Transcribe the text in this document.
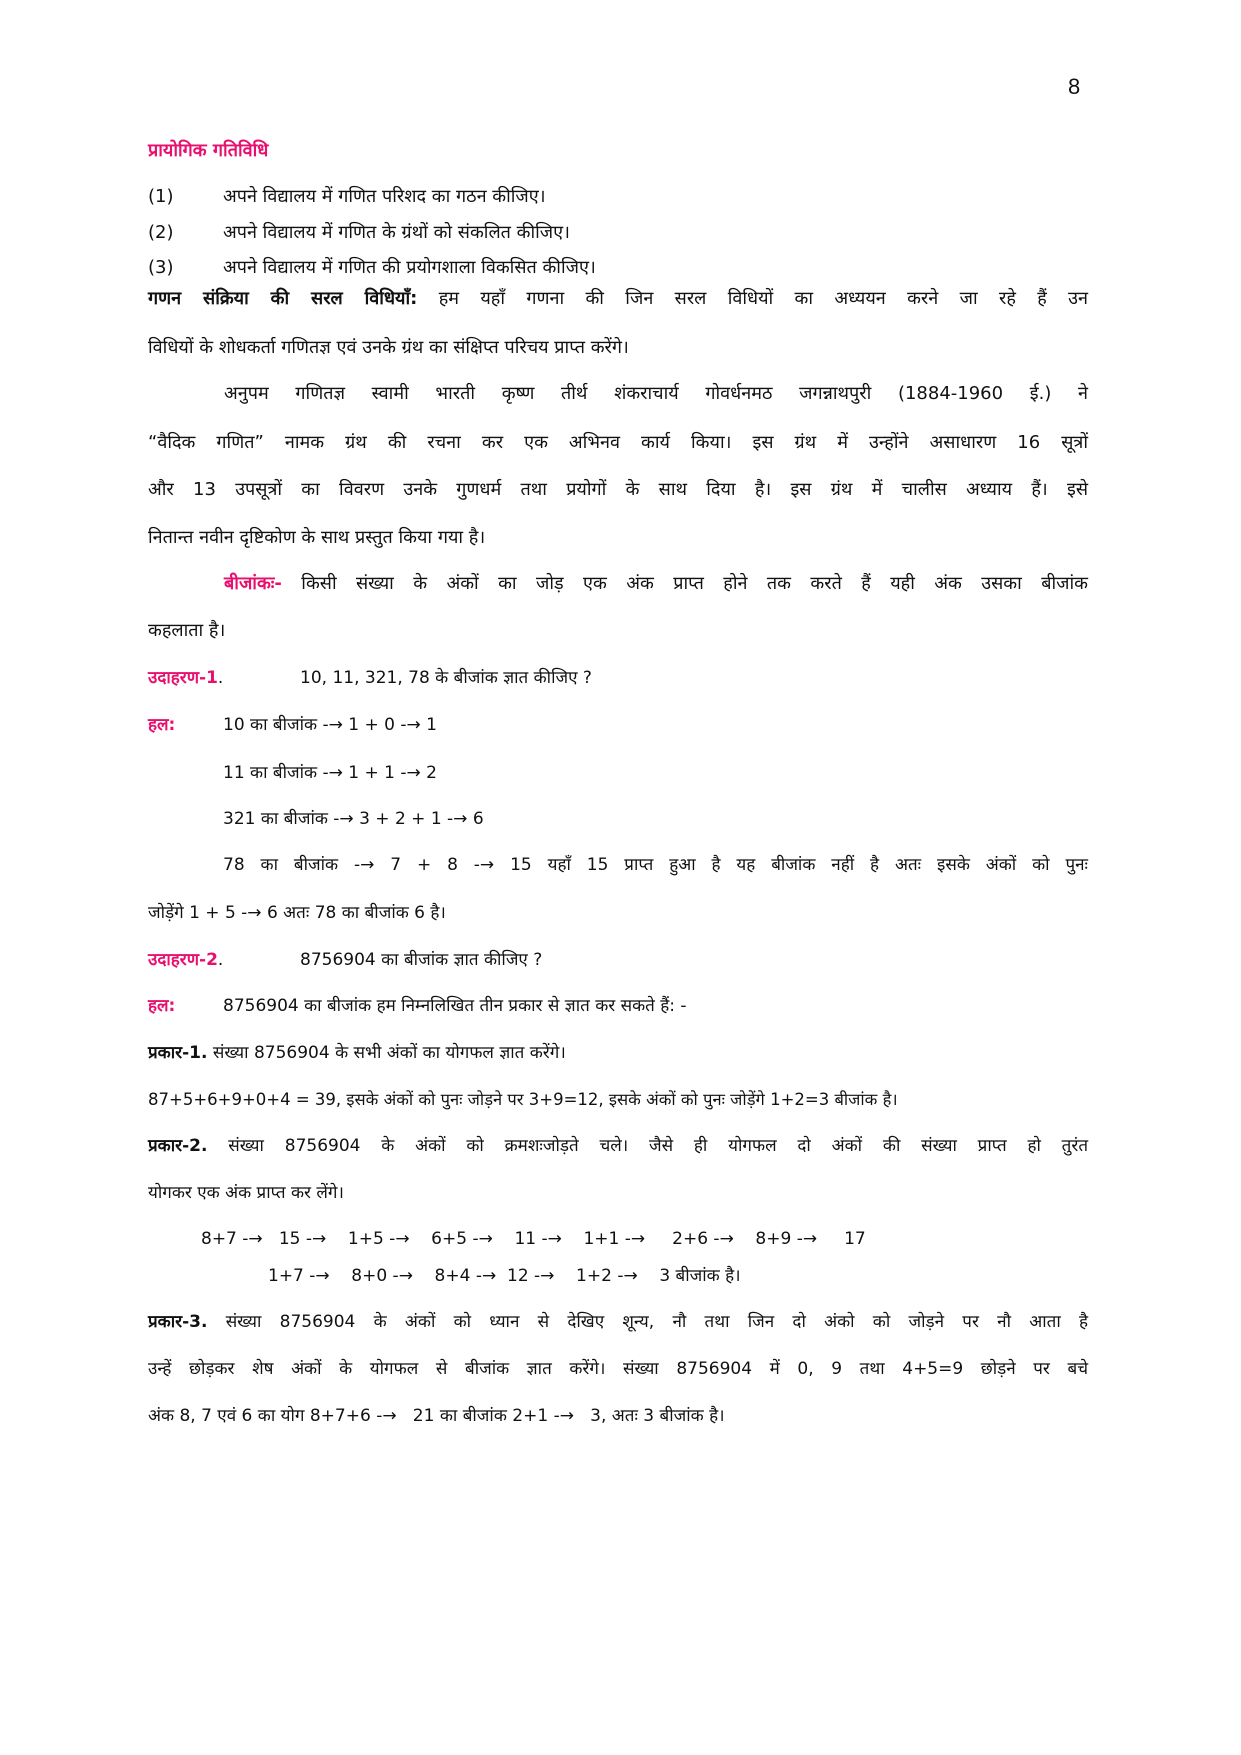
8
प्रायोगिक गतिविधि
(1)	अपने विद्यालय में गणित परिशद का गठन कीजिए।
(2)	अपने विद्यालय में गणित के ग्रंथों को संकलित कीजिए।
(3)	अपने विद्यालय में गणित की प्रयोगशाला विकसित कीजिए।
गणन संक्रिया की सरल विधियाँ: हम यहाँ गणना की जिन सरल विधियों का अध्ययन करने जा रहे हैं उन
विधियों के शोधकर्ता गणितज्ञ एवं उनके ग्रंथ का संक्षिप्त परिचय प्राप्त करेंगे।
अनुपम गणितज्ञ स्वामी भारती कृष्ण तीर्थ शंकराचार्य गोवर्धनमठ जगन्नाथपुरी (1884-1960 ई.) ने
“वैदिक गणित” नामक ग्रंथ की रचना कर एक अभिनव कार्य किया। इस ग्रंथ में उन्होंने असाधारण 16 सूत्रों
और 13 उपसूत्रों का विवरण उनके गुणधर्म तथा प्रयोगों के साथ दिया है। इस ग्रंथ में चालीस अध्याय हैं। इसे
नितान्त नवीन दृष्टिकोण के साथ प्रस्तुत किया गया है।
बीजांकः- किसी संख्या के अंकों का जोड़ एक अंक प्राप्त होने तक करते हैं यही अंक उसका बीजांक
कहलाता है।
उदाहरण-1.	10, 11, 321, 78 के बीजांक ज्ञात कीजिए ?
हल:	10 का बीजांक -→ 1 + 0 -→ 1
11 का बीजांक -→ 1 + 1 -→ 2
321 का बीजांक -→ 3 + 2 + 1 -→ 6
78 का बीजांक -→ 7 + 8 -→ 15 यहाँ 15 प्राप्त हुआ है यह बीजांक नहीं है अतः इसके अंकों को पुनः
जोड़ेंगे 1 + 5 -→ 6 अतः 78 का बीजांक 6 है।
उदाहरण-2.	8756904 का बीजांक ज्ञात कीजिए ?
हल:	8756904 का बीजांक हम निम्नलिखित तीन प्रकार से ज्ञात कर सकते हैं: -
प्रकार-1. संख्या 8756904 के सभी अंकों का योगफल ज्ञात करेंगे।
87+5+6+9+0+4 = 39, इसके अंकों को पुनः जोड़ने पर 3+9=12, इसके अंकों को पुनः जोड़ेंगे 1+2=3 बीजांक है।
प्रकार-2. संख्या 8756904 के अंकों को क्रमशःजोड़ते चले। जैसे ही योगफल दो अंकों की संख्या प्राप्त हो तुरंत
योगकर एक अंक प्राप्त कर लेंगे।
8+7 -→   15 -→    1+5 -→    6+5 -→    11 -→    1+1 -→     2+6 -→    8+9 -→     17
1+7 -→    8+0 -→    8+4 -→  12 -→    1+2 -→    3 बीजांक है।
प्रकार-3. संख्या 8756904 के अंकों को ध्यान से देखिए शून्य, नौ तथा जिन दो अंको को जोड़ने पर नौ आता है
उन्हें छोड़कर शेष अंकों के योगफल से बीजांक ज्ञात करेंगे। संख्या 8756904 में 0, 9 तथा 4+5=9 छोड़ने पर बचे
अंक 8, 7 एवं 6 का योग 8+7+6 -→   21 का बीजांक 2+1 -→   3, अतः 3 बीजांक है।
